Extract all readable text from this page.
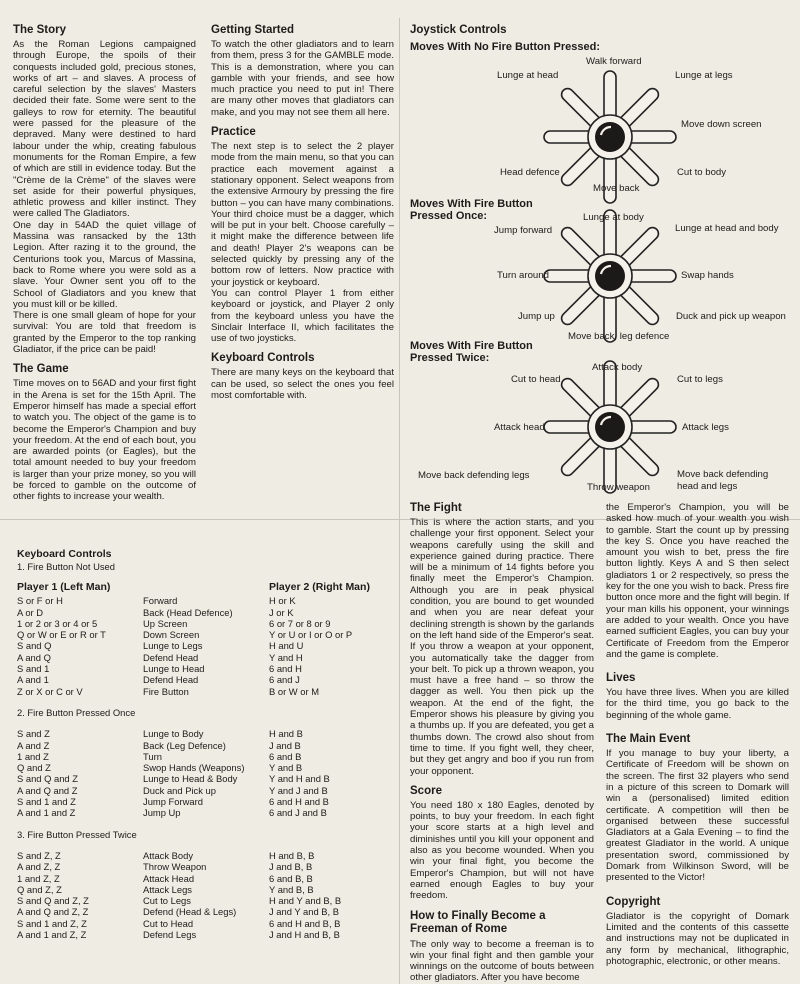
The Story

As the Roman Legions campaigned through Europe, the spoils of their conquests included gold, precious stones, works of art – and slaves. A process of careful selection by the slaves' Masters decided their fate. Some were sent to the galleys to row for eternity. The beautiful were passed for the pleasure of the depraved. Many were destined to hard labour under the whip, creating fabulous monuments for the Roman Empire, a few of which are still in evidence today. But the "Crème de la Crème" of the slaves were set aside for their powerful physiques, athletic prowess and killer instinct. They were called The Gladiators.

One day in 54AD the quiet village of Massina was ransacked by the 13th Legion. After razing it to the ground, the Centurions took you, Marcus of Massina, back to Rome where you were sold as a slave. Your Owner sent you off to the School of Gladiators and you knew that you must kill or be killed.

There is one small gleam of hope for your survival: You are told that freedom is granted by the Emperor to the top ranking Gladiator, if the price can be paid!

The Game

Time moves on to 56AD and your first fight in the Arena is set for the 15th April. The Emperor himself has made a special effort to watch you. The object of the game is to become the Emperor's Champion and buy your freedom. At the end of each bout, you are awarded points (or Eagles), but the total amount needed to buy your freedom is larger than your prize money, so you will be forced to gamble on the outcome of other fights to increase your wealth.

Getting Started

To watch the other gladiators and to learn from them, press 3 for the GAMBLE mode. This is a demonstration, where you can gamble with your friends, and see how much practice you need to put in! There are many other moves that gladiators can make, and you may not see them all here.

Practice

The next step is to select the 2 player mode from the main menu, so that you can practice each movement against a stationary opponent. Select weapons from the extensive Armoury by pressing the fire button – you can have many combinations. Your third choice must be a dagger, which will be put in your belt. Choose carefully – it might make the difference between life and death! Player 2's weapons can be selected quickly by pressing any of the bottom row of letters. Now practice with your joystick or keyboard.

You can control Player 1 from either keyboard or joystick, and Player 2 only from the keyboard unless you have the Sinclair Interface II, which facilitates the use of two joysticks.

Keyboard Controls

There are many keys on the keyboard that can be used, so select the ones you feel most comfortable with.

Joystick Controls
Moves With No Fire Button Pressed:
Walk forward
Lunge at head	Lunge at legs
Move down screen
Head defence	Cut to body
Move back
Moves With Fire Button
Pressed Once:	Lunge at body
Jump forward	Lunge at head and body
Turn around	Swap hands
Jump up	Duck and pick up weapon
Move back, leg defence
Moves With Fire Button
Pressed Twice:
Attack body
Cut to head	Cut to legs
Attack head	Attack legs
Move back defending legs
Throw weapon
Move back defending
head and legs
Keyboard Controls
1. Fire Button Not Used
Player 1 (Left Man)	Player 2 (Right Man)
S or F or H	Forward	H or K
A or D	Back (Head Defence)	J or K
1 or 2 or 3 or 4 or 5	Up Screen	6 or 7 or 8 or 9
Q or W or E or R or T	Down Screen	Y or U or I or O or P
S and Q	Lunge to Legs	H and U
A and Q	Defend Head	Y and H
S and 1	Lunge to Head	6 and H
A and 1	Defend Head	6 and J
Z or X or C or V	Fire Button	B or W or M
2. Fire Button Pressed Once
S and Z	Lunge to Body	H and B
A and Z	Back (Leg Defence)	J and B
1 and Z	Turn	6 and B
Q and Z	Swop Hands (Weapons)	Y and B
S and Q and Z	Lunge to Head & Body	Y and H and B
A and Q and Z	Duck and Pick up	Y and J and B
S and 1 and Z	Jump Forward	6 and H and B
A and 1 and Z	Jump Up	6 and J and B
3. Fire Button Pressed Twice
S and Z, Z	Attack Body	H and B, B
A and Z, Z	Throw Weapon	J and B, B
1 and Z, Z	Attack Head	6 and B, B
Q and Z, Z	Attack Legs	Y and B, B
S and Q and Z, Z	Cut to Legs	H and Y and B, B
A and Q and Z, Z	Defend (Head & Legs)	J and Y and B, B
S and 1 and Z, Z	Cut to Head	6 and H and B, B
A and 1 and Z, Z	Defend Legs	J and H and B, B
The Fight

This is where the action starts, and you challenge your first opponent. Select your weapons carefully using the skill and experience gained during practice. There will be a minimum of 14 fights before you finally meet the Emperor's Champion. Although you are in peak physical condition, you are bound to get wounded and when you are near defeat your declining strength is shown by the garlands on the left hand side of the Emperor's seat. If you throw a weapon at your opponent, you automatically take the dagger from your belt. To pick up a thrown weapon, you must have a free hand – so throw the dagger as well. You then pick up the weapon. At the end of the fight, the Emperor shows his pleasure by giving you a thumbs up. If you are defeated, you get a thumbs down. The crowd also shout from time to time. If you fight well, they cheer, but they get angry and boo if you run from your opponent.

Score

You need 180 x 180 Eagles, denoted by points, to buy your freedom. In each fight your score starts at a high level and diminishes until you kill your opponent and also as you become wounded. When you win your final fight, you become the Emperor's Champion, but will not have earned enough Eagles to buy your freedom.

How to Finally Become a
Freeman of Rome

The only way to become a freeman is to win your final fight and then gamble your winnings on the outcome of bouts between other gladiators. After you have become

the Emperor's Champion, you will be asked how much of your wealth you wish to gamble. Start the count up by pressing the key S. Once you have reached the amount you wish to bet, press the fire button lightly. Keys A and S then select gladiators 1 or 2 respectively, so press the key for the one you wish to back. Press fire button once more and the fight will begin. If your man kills his opponent, your winnings are added to your wealth. Once you have earned sufficient Eagles, you can buy your Certificate of Freedom from the Emperor and the game is complete.

Lives

You have three lives. When you are killed for the third time, you go back to the beginning of the whole game.

The Main Event

If you manage to buy your liberty, a Certificate of Freedom will be shown on the screen. The first 32 players who send in a picture of this screen to Domark will win a (personalised) limited edition certificate. A competition will then be organised between these successful Gladiators at a Gala Evening – to find the greatest Gladiator in the world. A unique presentation sword, commissioned by Domark from Wilkinson Sword, will be presented to the Victor!

Copyright

Gladiator is the copyright of Domark Limited and the contents of this cassette and instructions may not be duplicated in any form by mechanical, lithographic, photographic, electronic, or other means.
